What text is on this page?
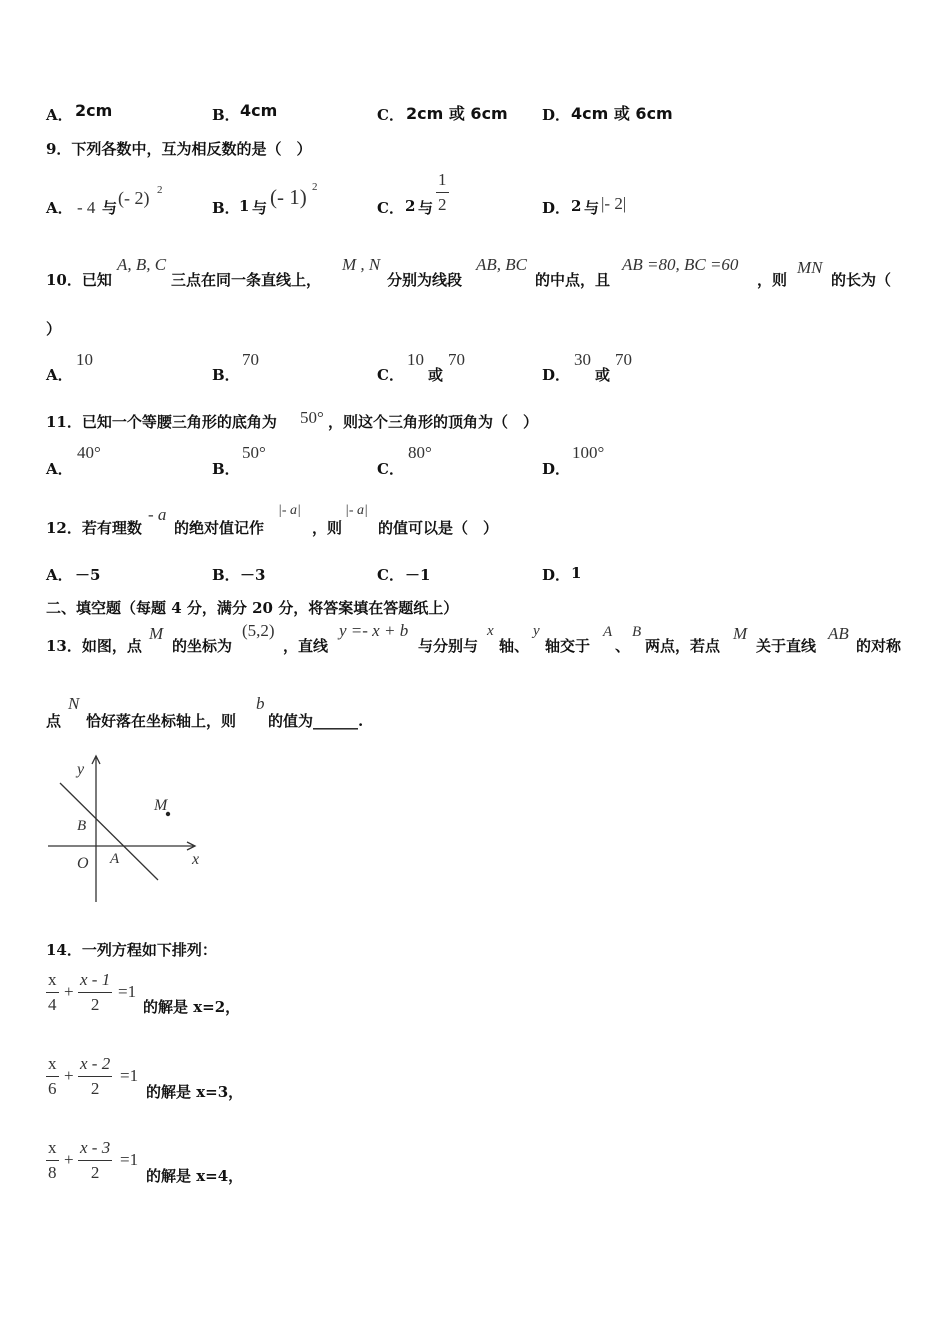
A． 2cm	B． 4cm	C． 2cm 或 6cm D． 4cm 或 6cm
9．下列各数中，互为相反数的是（　）
A． - 4 与 (- 2) 2
B． 1 与 (- 1) 2
C． 2 与
1
2	D． 2 与 |- 2|
10．已知
A, B, C
三点在同一条直线上，
M , N
分别为线段
AB, BC
的中点，且
AB =80, BC =60
，则
MN
的长为（
）
A．
10
B．
70
C．
10
或
70
D．
30
或
70
11．已知一个等腰三角形的底角为 50° ，则这个三角形的顶角为（　）
A．
40°
B．
50°
C．
80°
D．
100°
12．若有理数
- a
的绝对值记作
|- a|
，则
|- a|
的值可以是（　）
A． －5	B． －3	C． －1	D． 1
二、填空题（每题 4 分，满分 20 分，将答案填在答题纸上）
13．如图，点
M
的坐标为
(5,2)
，直线
y =- x + b
与分别与
x
轴、
y
轴交于
A
、
B
两点，若点
M
关于直线
AB
的对称
点
N
恰好落在坐标轴上，则
b
的值为______.
y
x
O A
B
M
14．一列方程如下排列：
x
4
+
x - 1
2
=1
的解是 x=2，
x
6
+
x - 2
2
=1
的解是 x=3，
x
8
+
x - 3
2
=1
的解是 x=4，
